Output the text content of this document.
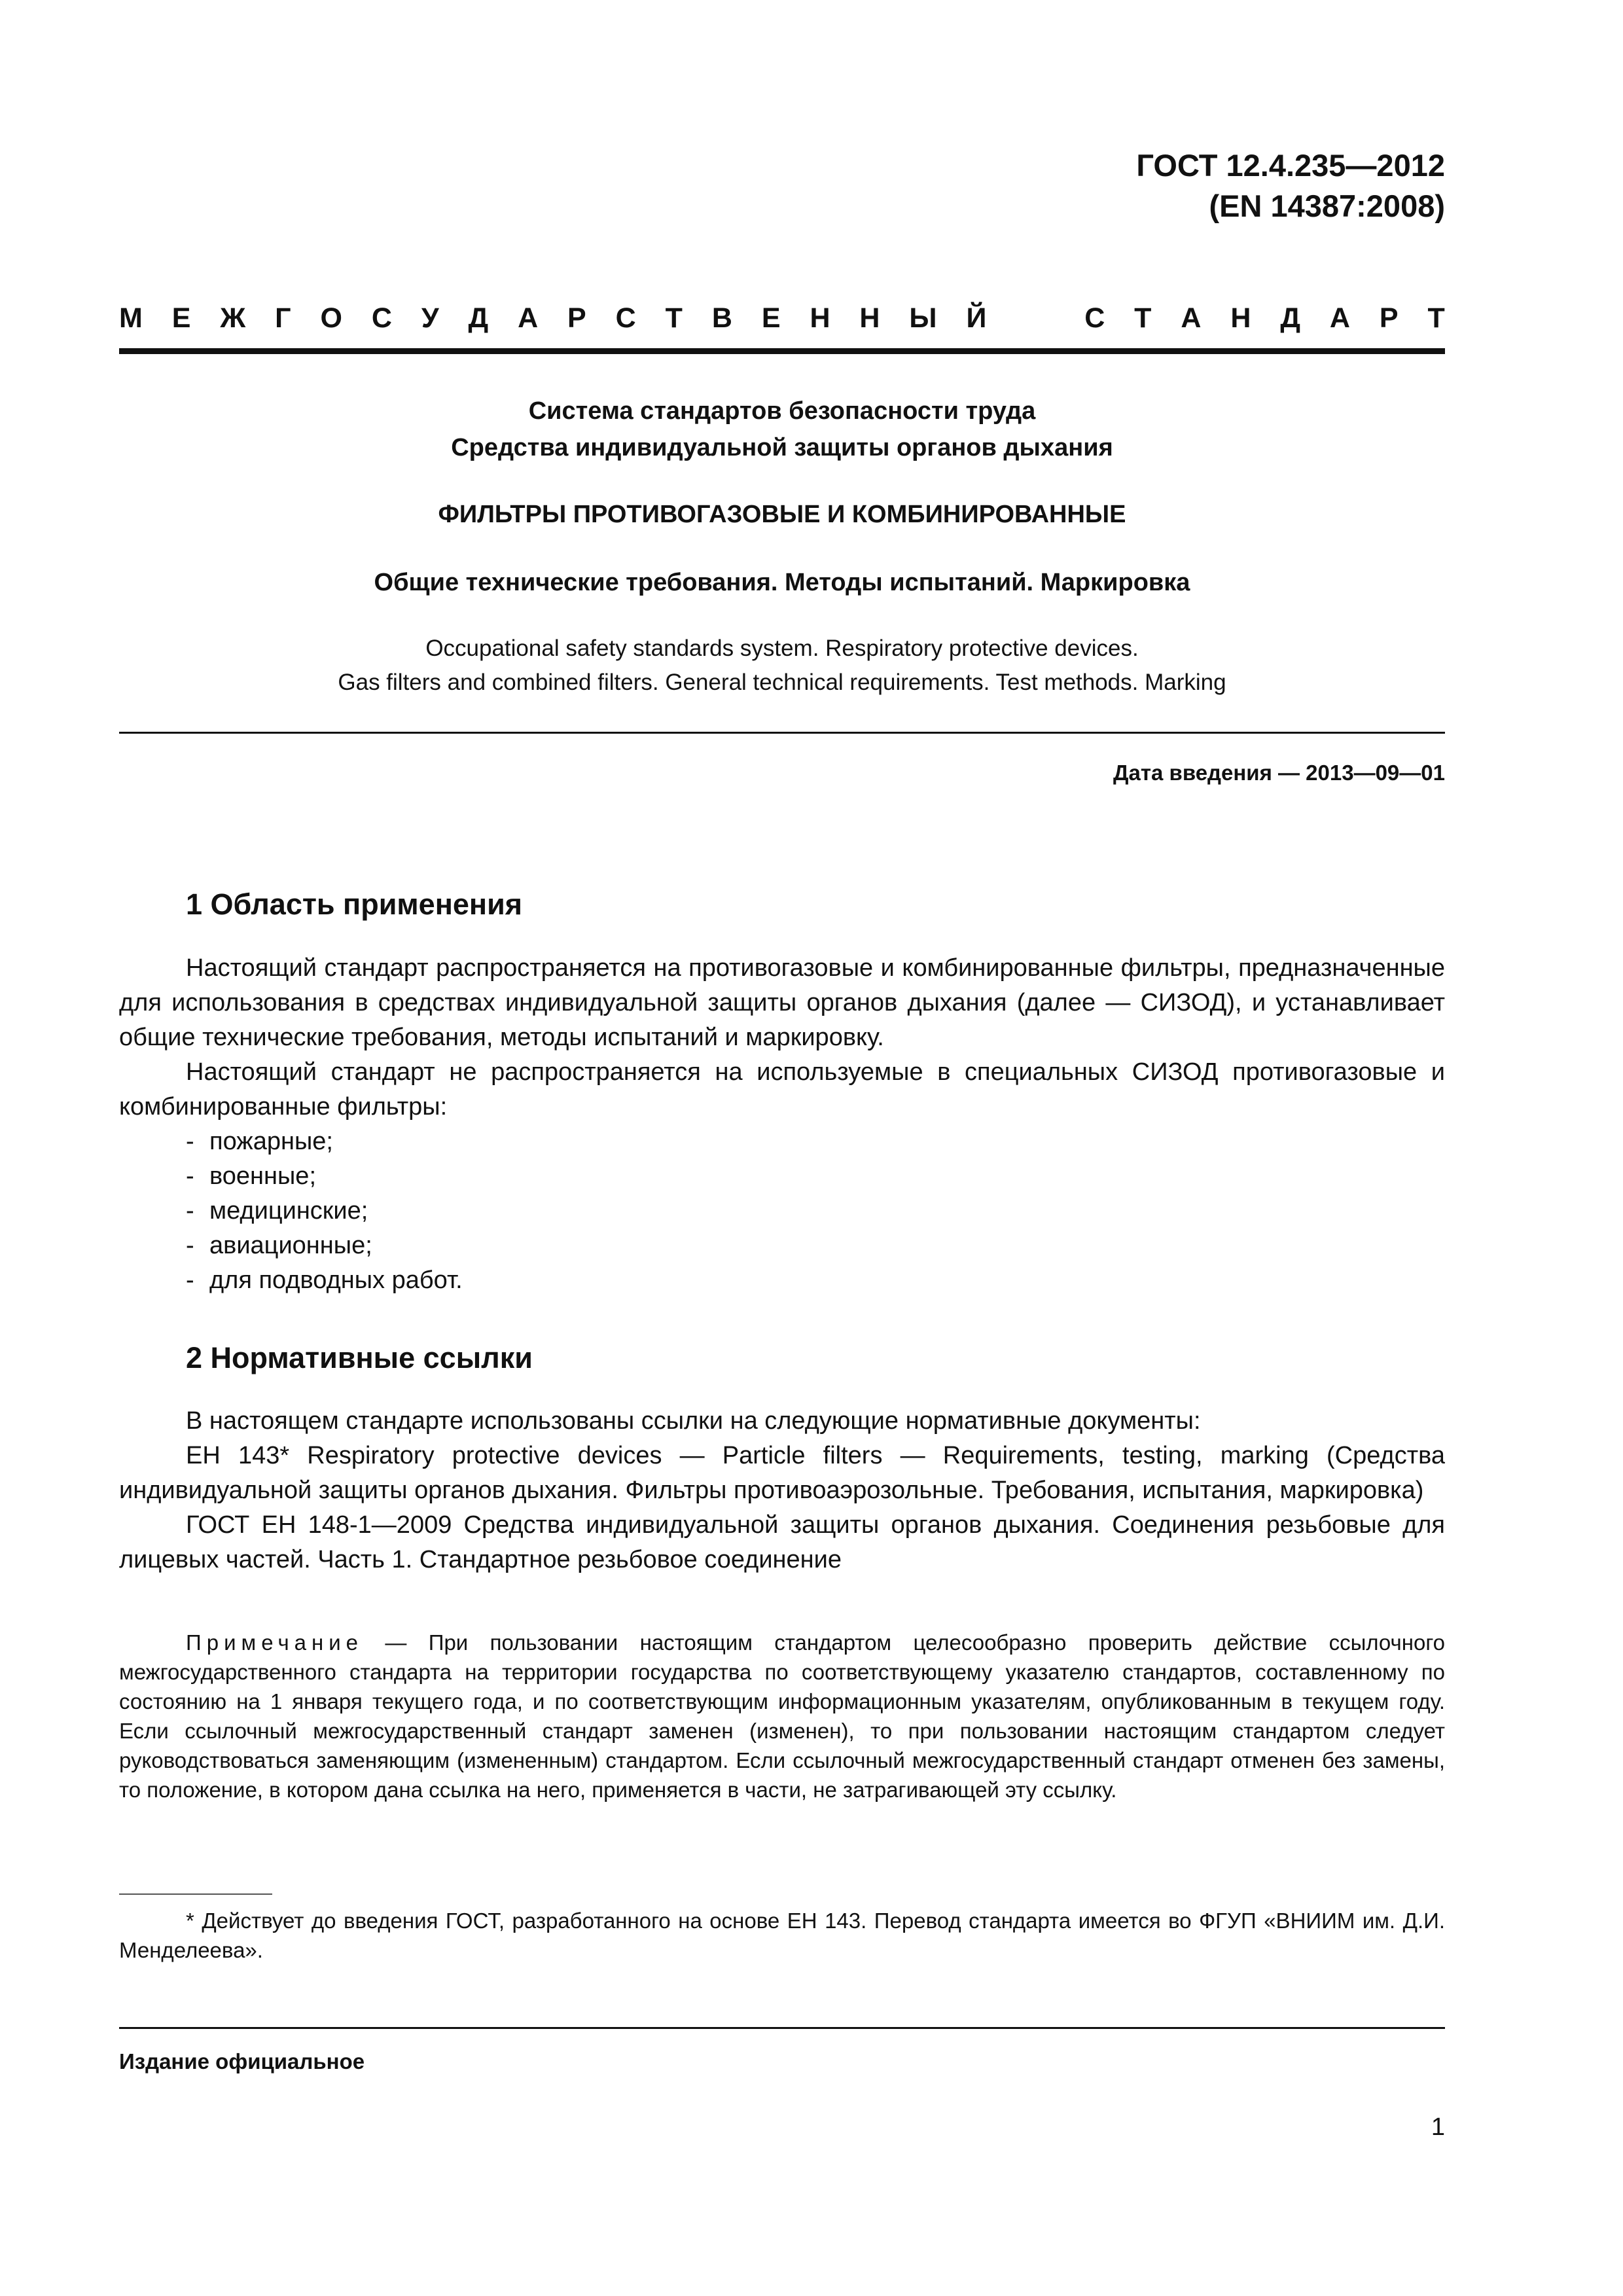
ГОСТ 12.4.235—2012
(EN 14387:2008)
М Е Ж Г О С У Д А Р С Т В Е Н Н Ы Й	С Т А Н Д А Р Т
Система стандартов безопасности труда
Средства индивидуальной защиты органов дыхания
ФИЛЬТРЫ ПРОТИВОГАЗОВЫЕ И КОМБИНИРОВАННЫЕ
Общие технические требования. Методы испытаний. Маркировка
Occupational safety standards system. Respiratory protective devices.
Gas filters and combined filters. General technical requirements. Test methods. Marking
Дата введения — 2013—09—01
1 Область применения

Настоящий стандарт распространяется на противогазовые и комбинированные фильтры, предназначенные для использования в средствах индивидуальной защиты органов дыхания (далее — СИЗОД), и устанавливает общие технические требования, методы испытаний и маркировку.

Настоящий стандарт не распространяется на используемые в специальных СИЗОД противогазовые и комбинированные фильтры:

- пожарные;
- военные;
- медицинские;
- авиационные;
- для подводных работ.
2 Нормативные ссылки

В настоящем стандарте использованы ссылки на следующие нормативные документы:

ЕН 143* Respiratory protective devices — Particle filters — Requirements, testing, marking (Средства индивидуальной защиты органов дыхания. Фильтры противоаэрозольные. Требования, испытания, маркировка)

ГОСТ ЕН 148-1—2009 Средства индивидуальной защиты органов дыхания. Соединения резьбовые для лицевых частей. Часть 1. Стандартное резьбовое соединение

Примечание — При пользовании настоящим стандартом целесообразно проверить действие ссылочного межгосударственного стандарта на территории государства по соответствующему указателю стандартов, составленному по состоянию на 1 января текущего года, и по соответствующим информационным указателям, опубликованным в текущем году. Если ссылочный межгосударственный стандарт заменен (изменен), то при пользовании настоящим стандартом следует руководствоваться заменяющим (измененным) стандартом. Если ссылочный межгосударственный стандарт отменен без замены, то положение, в котором дана ссылка на него, применяется в части, не затрагивающей эту ссылку.
* Действует до введения ГОСТ, разработанного на основе ЕН 143. Перевод стандарта имеется во ФГУП «ВНИИМ им. Д.И. Менделеева».
Издание официальное
1
